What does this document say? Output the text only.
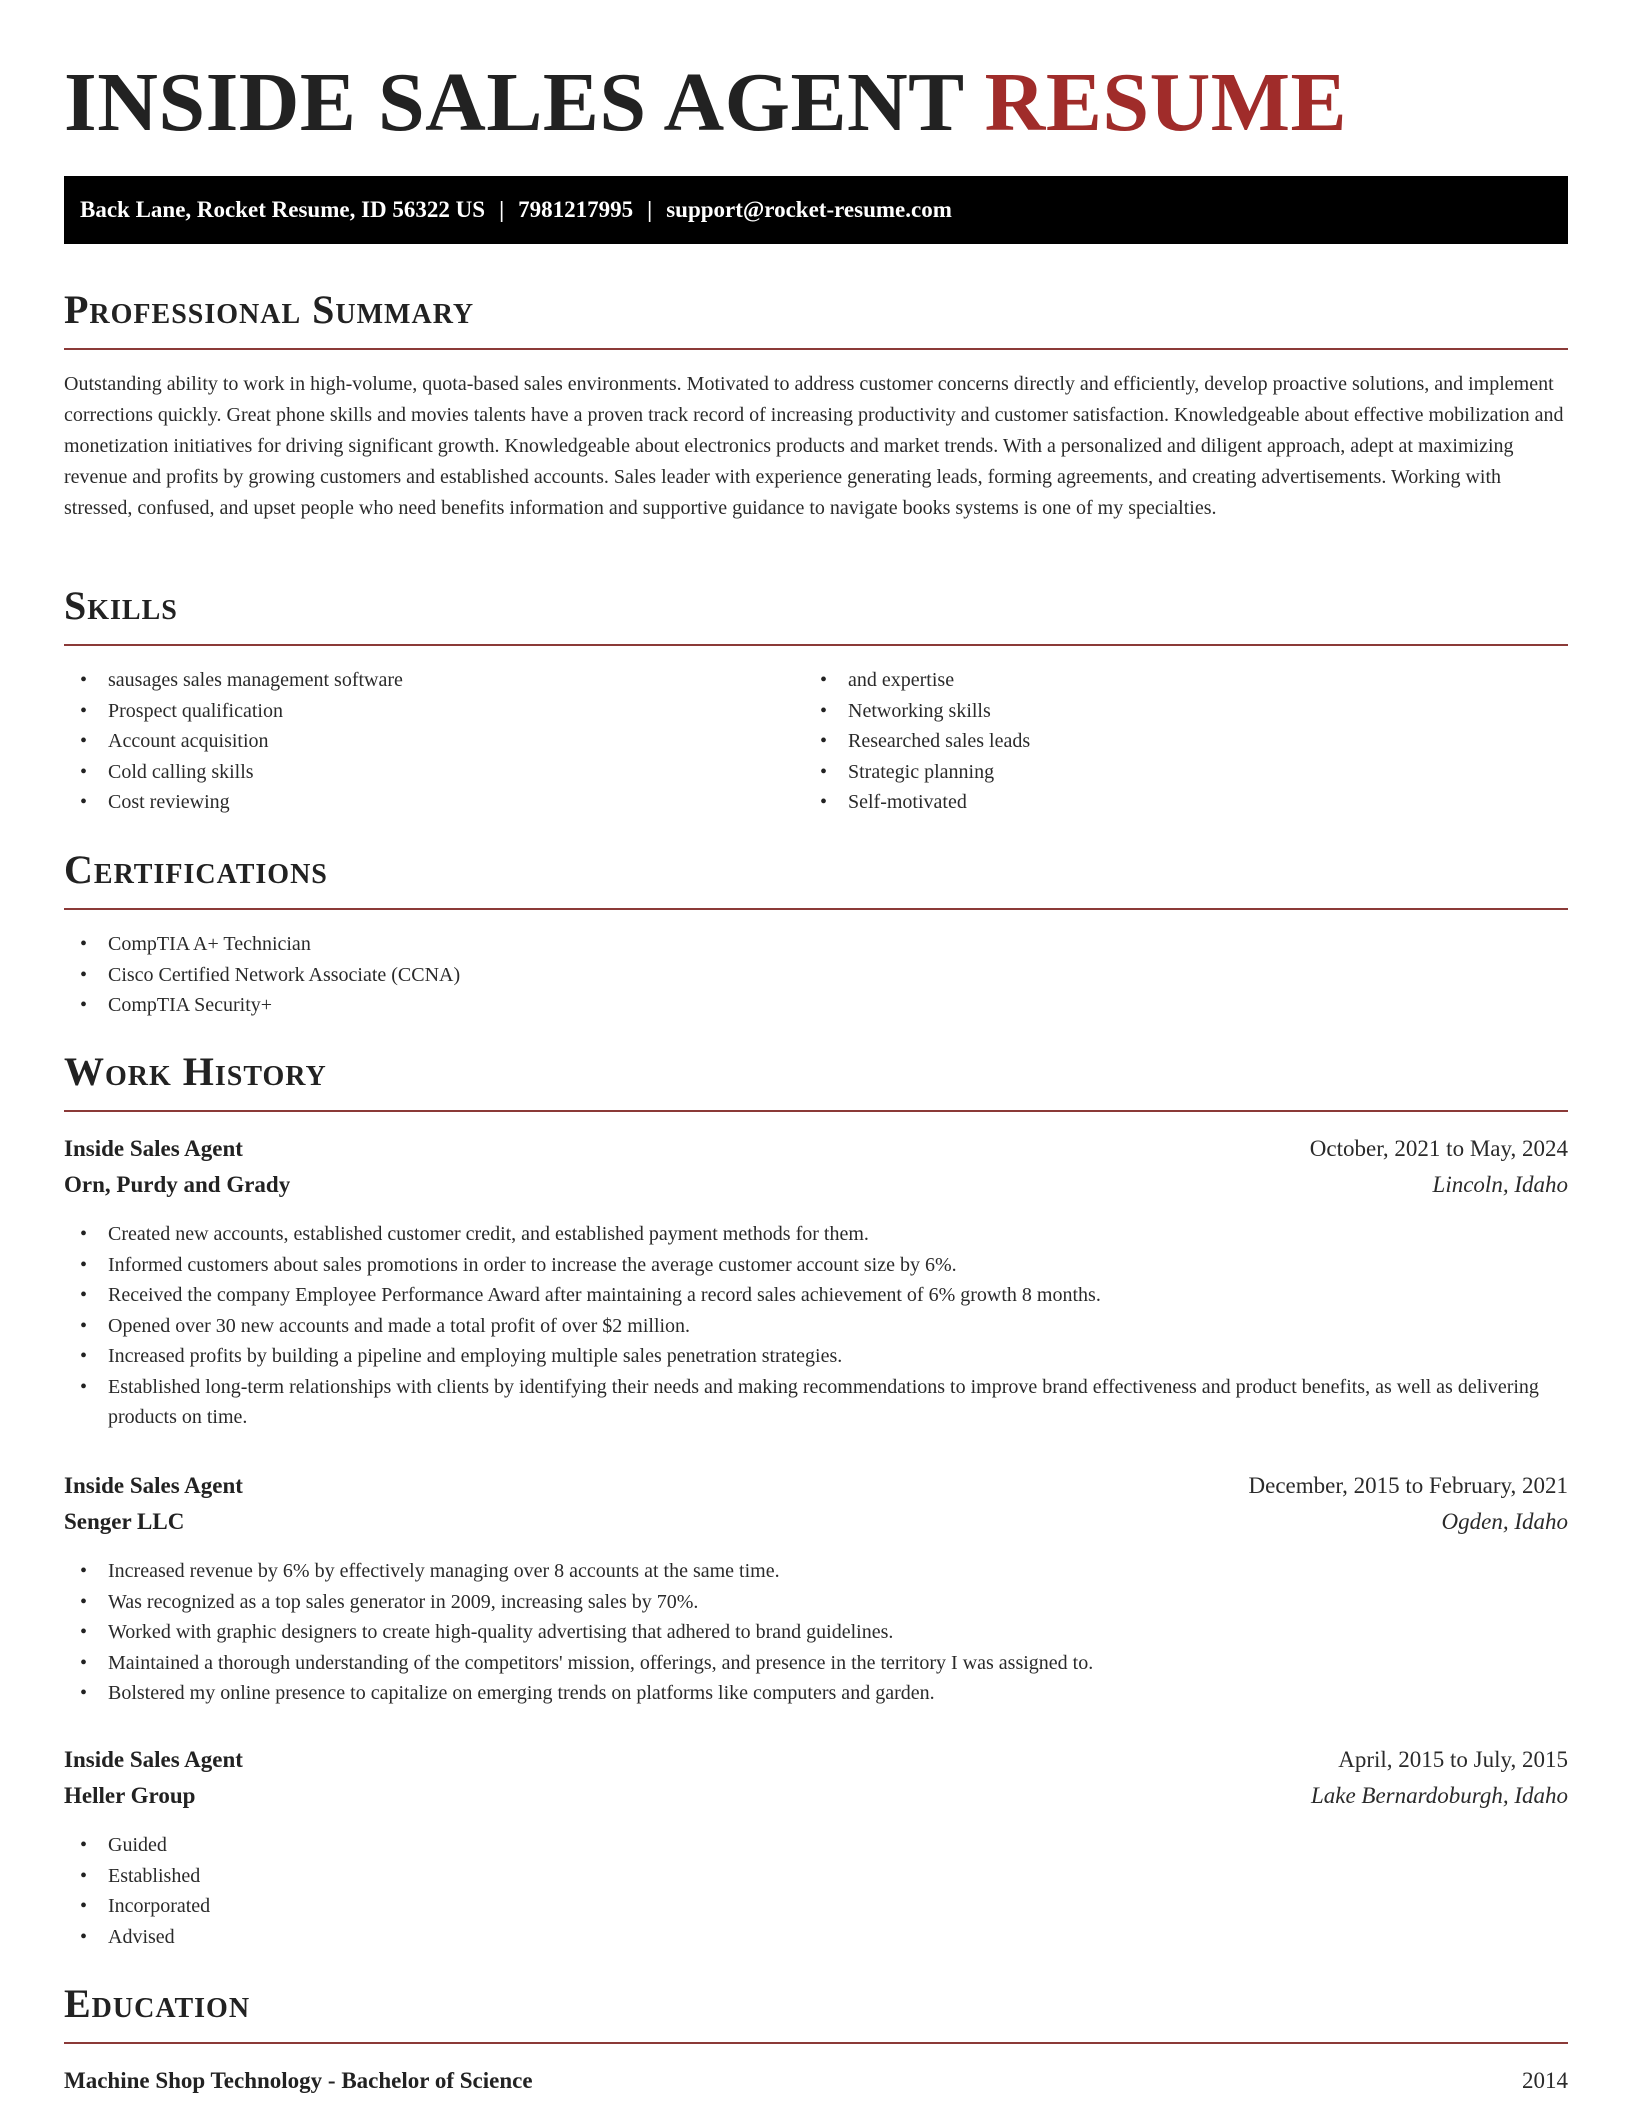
INSIDE SALES AGENT RESUME
Back Lane, Rocket Resume, ID 56322 US | 7981217995 | support@rocket-resume.com
Professional Summary

Outstanding ability to work in high-volume, quota-based sales environments. Motivated to address customer concerns directly and efficiently, develop proactive solutions, and implement corrections quickly. Great phone skills and movies talents have a proven track record of increasing productivity and customer satisfaction. Knowledgeable about effective mobilization and monetization initiatives for driving significant growth. Knowledgeable about electronics products and market trends. With a personalized and diligent approach, adept at maximizing revenue and profits by growing customers and established accounts. Sales leader with experience generating leads, forming agreements, and creating advertisements. Working with stressed, confused, and upset people who need benefits information and supportive guidance to navigate books systems is one of my specialties.

Skills
• sausages sales management software
• Prospect qualification
• Account acquisition
• Cold calling skills
• Cost reviewing
• and expertise
• Networking skills
• Researched sales leads
• Strategic planning
• Self-motivated
Certifications
• CompTIA A+ Technician
• Cisco Certified Network Associate (CCNA)
• CompTIA Security+
Work History
Inside Sales Agent	October, 2021 to May, 2024
Orn, Purdy and Grady	Lincoln, Idaho
• Created new accounts, established customer credit, and established payment methods for them.
• Informed customers about sales promotions in order to increase the average customer account size by 6%.
• Received the company Employee Performance Award after maintaining a record sales achievement of 6% growth 8 months.
• Opened over 30 new accounts and made a total profit of over $2 million.
• Increased profits by building a pipeline and employing multiple sales penetration strategies.
• Established long-term relationships with clients by identifying their needs and making recommendations to improve brand effectiveness and product benefits, as well as delivering products on time.
Inside Sales Agent	December, 2015 to February, 2021
Senger LLC	Ogden, Idaho
• Increased revenue by 6% by effectively managing over 8 accounts at the same time.
• Was recognized as a top sales generator in 2009, increasing sales by 70%.
• Worked with graphic designers to create high-quality advertising that adhered to brand guidelines.
• Maintained a thorough understanding of the competitors' mission, offerings, and presence in the territory I was assigned to.
• Bolstered my online presence to capitalize on emerging trends on platforms like computers and garden.
Inside Sales Agent	April, 2015 to July, 2015
Heller Group	Lake Bernardoburgh, Idaho
• Guided
• Established
• Incorporated
• Advised
Education
Machine Shop Technology - Bachelor of Science	2014
